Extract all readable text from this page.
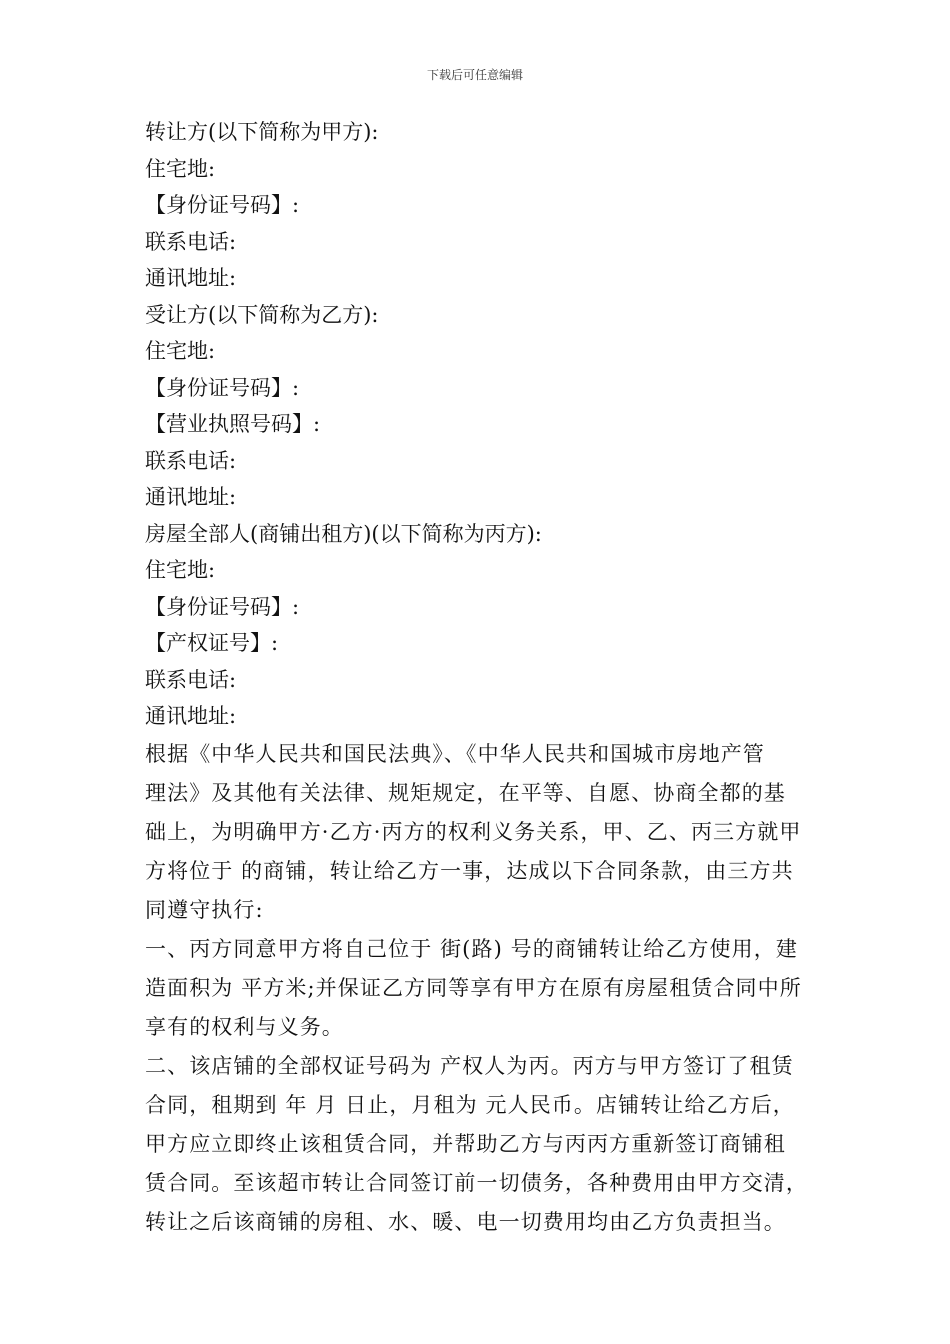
下载后可任意编辑
转让方(以下简称为甲方):
住宅地:
【身份证号码】:
联系电话:
通讯地址:
受让方(以下简称为乙方):
住宅地:
【身份证号码】:
【营业执照号码】:
联系电话:
通讯地址:
房屋全部人(商铺出租方)(以下简称为丙方):
住宅地:
【身份证号码】:
【产权证号】:
联系电话:
通讯地址:
根据《中华人民共和国民法典》、《中华人民共和国城市房地产管
理法》及其他有关法律、规矩规定，在平等、自愿、协商全都的基
础上，为明确甲方·乙方·丙方的权利义务关系，甲、乙、丙三方就甲
方将位于 的商铺，转让给乙方一事，达成以下合同条款，由三方共
同遵守执行:
一、丙方同意甲方将自己位于 街(路) 号的商铺转让给乙方使用，建
造面积为 平方米;并保证乙方同等享有甲方在原有房屋租赁合同中所
享有的权利与义务。
二、该店铺的全部权证号码为 产权人为丙。丙方与甲方签订了租赁
合同，租期到 年 月 日止，月租为 元人民币。店铺转让给乙方后，
甲方应立即终止该租赁合同，并帮助乙方与丙丙方重新签订商铺租
赁合同。至该超市转让合同签订前一切债务，各种费用由甲方交清，
转让之后该商铺的房租、水、暖、电一切费用均由乙方负责担当。
